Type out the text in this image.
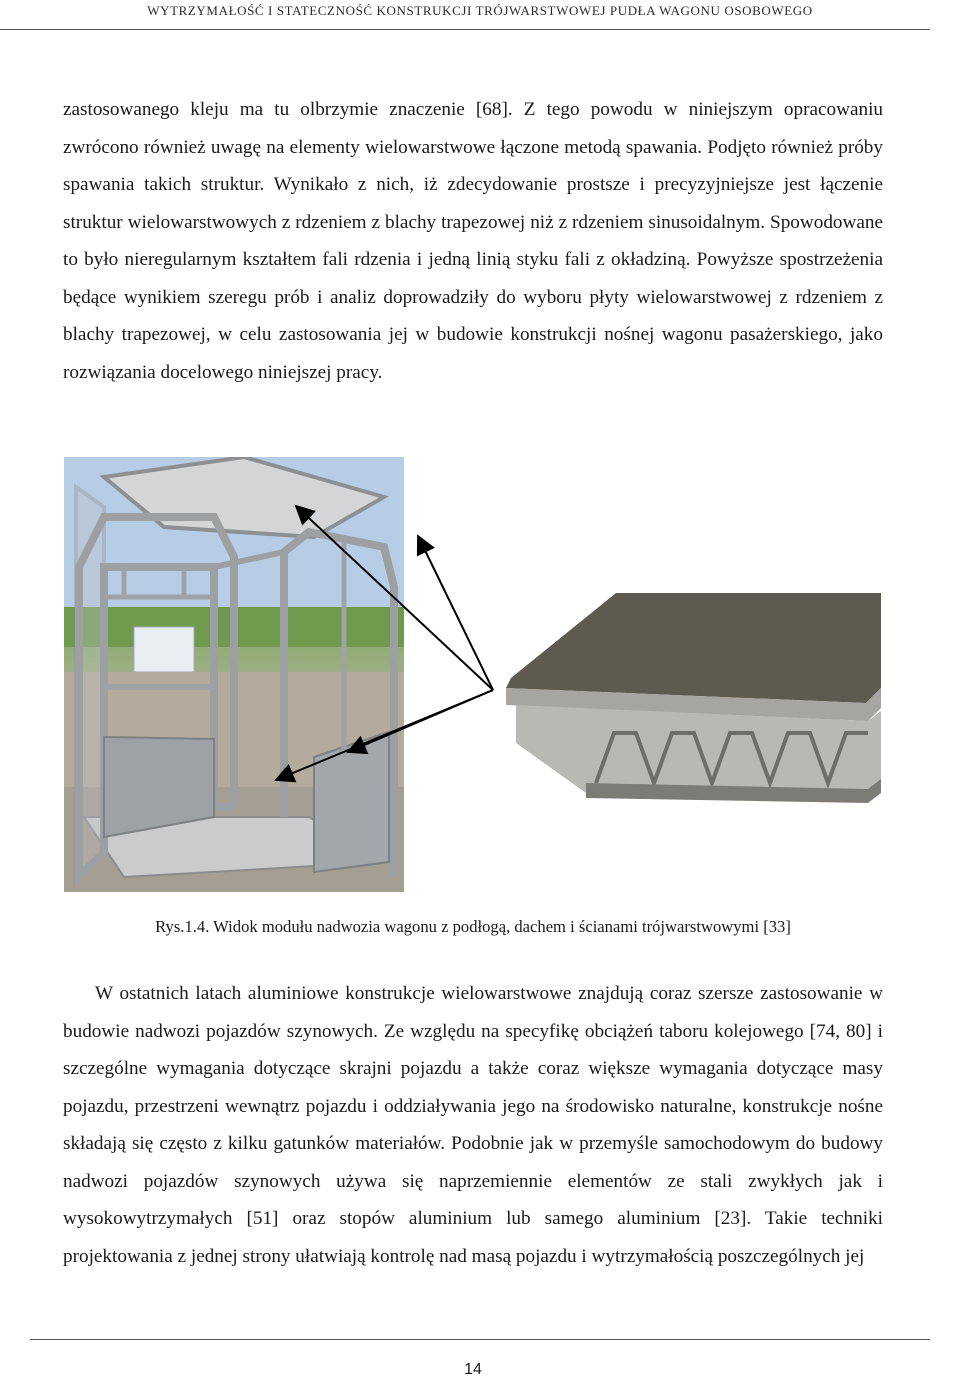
WYTRZYMAŁOŚĆ I STATECZNOŚĆ KONSTRUKCJI TRÓJWARSTWOWEJ PUDŁA WAGONU OSOBOWEGO

zastosowanego kleju ma tu olbrzymie znaczenie [68]. Z tego powodu w niniejszym opracowaniu zwrócono również uwagę na elementy wielowarstwowe łączone metodą spawania. Podjęto również próby spawania takich struktur. Wynikało z nich, iż zdecydowanie prostsze i precyzyjniejsze jest łączenie struktur wielowarstwowych z rdzeniem z blachy trapezowej niż z rdzeniem sinusoidalnym. Spowodowane to było nieregularnym kształtem fali rdzenia i jedną linią styku fali z okładziną. Powyższe spostrzeżenia będące wynikiem szeregu prób i analiz doprowadziły do wyboru płyty wielowarstwowej z rdzeniem z blachy trapezowej, w celu zastosowania jej w budowie konstrukcji nośnej wagonu pasażerskiego, jako rozwiązania docelowego niniejszej pracy.

Rys.1.4. Widok modułu nadwozia wagonu z podłogą, dachem i ścianami trójwarstwowymi [33]

W ostatnich latach aluminiowe konstrukcje wielowarstwowe znajdują coraz szersze zastosowanie w budowie nadwozi pojazdów szynowych. Ze względu na specyfikę obciążeń taboru kolejowego [74, 80] i szczególne wymagania dotyczące skrajni pojazdu a także coraz większe wymagania dotyczące masy pojazdu, przestrzeni wewnątrz pojazdu i oddziaływania jego na środowisko naturalne, konstrukcje nośne składają się często z kilku gatunków materiałów. Podobnie jak w przemyśle samochodowym do budowy nadwozi pojazdów szynowych używa się naprzemiennie elementów ze stali zwykłych jak i wysokowytrzymałych [51] oraz stopów aluminium lub samego aluminium [23]. Takie techniki projektowania z jednej strony ułatwiają kontrolę nad masą pojazdu i wytrzymałością poszczególnych jej

14
